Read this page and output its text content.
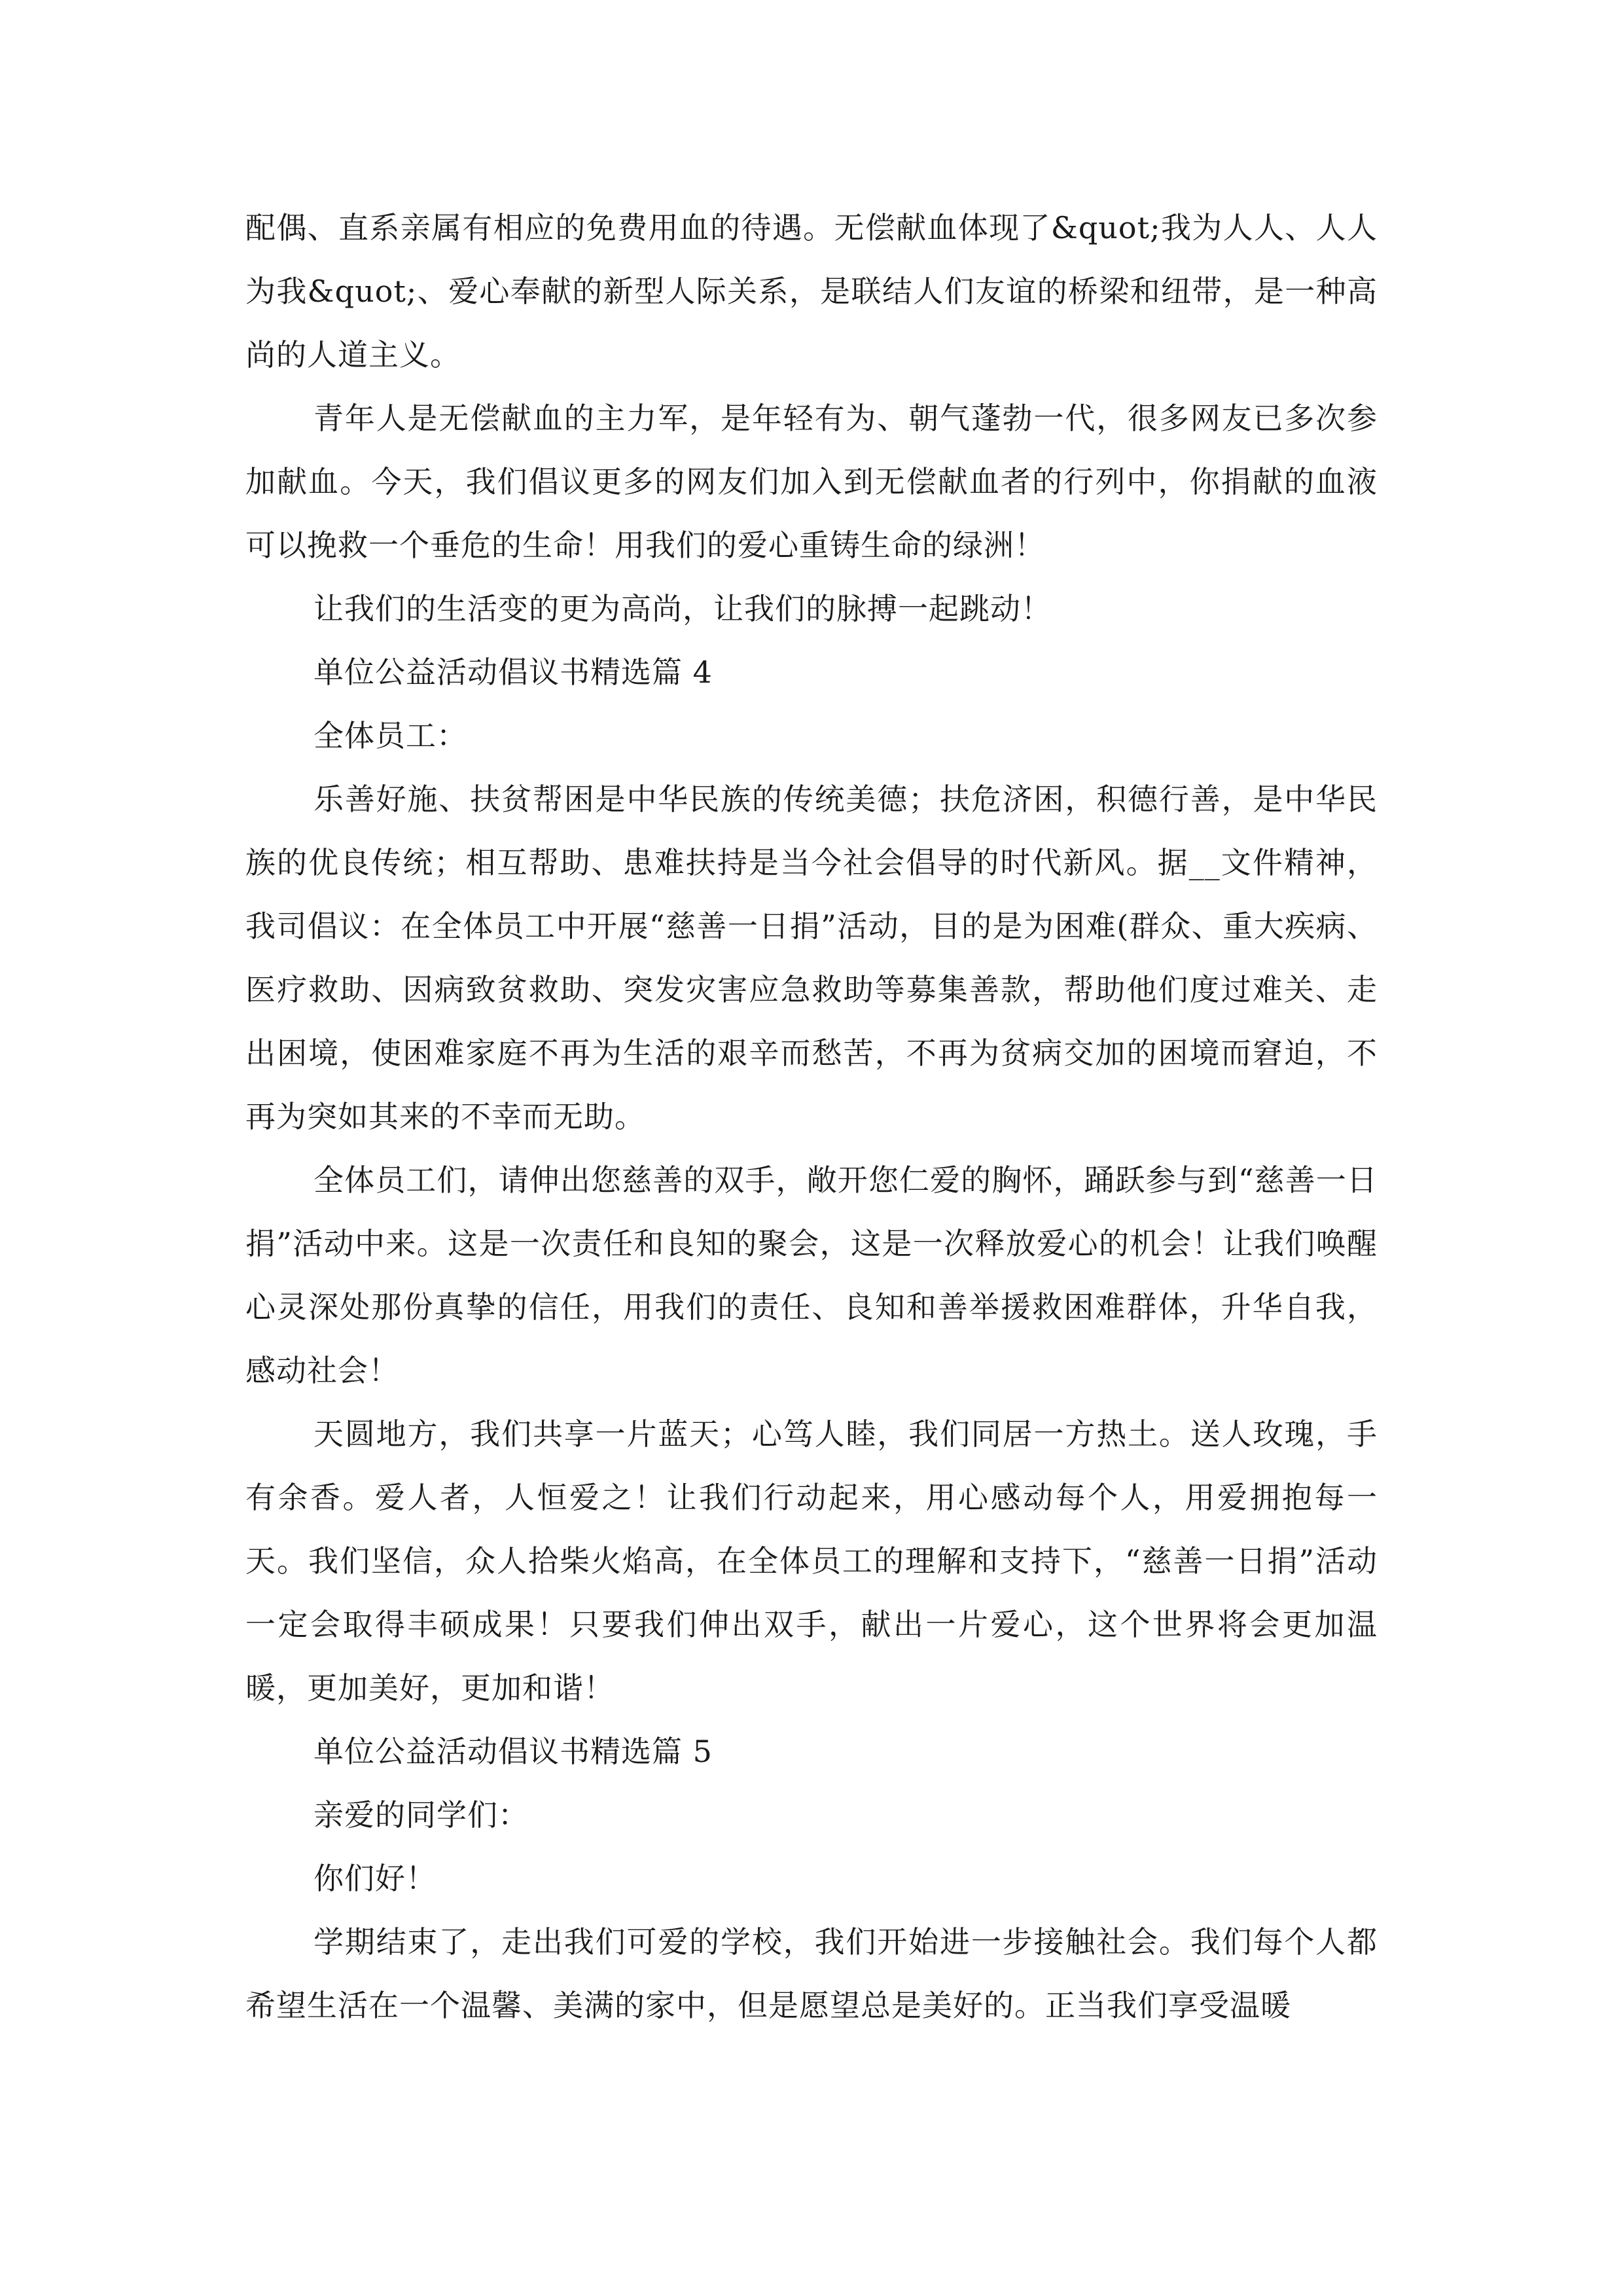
配偶、直系亲属有相应的免费用血的待遇。无偿献血体现了&quot;我为人人、人人为我&quot;、爱心奉献的新型人际关系，是联结人们友谊的桥梁和纽带，是一种高尚的人道主义。

青年人是无偿献血的主力军，是年轻有为、朝气蓬勃一代，很多网友已多次参加献血。今天，我们倡议更多的网友们加入到无偿献血者的行列中，你捐献的血液可以挽救一个垂危的生命！用我们的爱心重铸生命的绿洲！

让我们的生活变的更为高尚，让我们的脉搏一起跳动！

单位公益活动倡议书精选篇 4

全体员工：

乐善好施、扶贫帮困是中华民族的传统美德；扶危济困，积德行善，是中华民族的优良传统；相互帮助、患难扶持是当今社会倡导的时代新风。据__文件精神，我司倡议：在全体员工中开展“慈善一日捐”活动，目的是为困难(群众、重大疾病、医疗救助、因病致贫救助、突发灾害应急救助等募集善款，帮助他们度过难关、走出困境，使困难家庭不再为生活的艰辛而愁苦，不再为贫病交加的困境而窘迫，不再为突如其来的不幸而无助。

全体员工们，请伸出您慈善的双手，敞开您仁爱的胸怀，踊跃参与到“慈善一日捐”活动中来。这是一次责任和良知的聚会，这是一次释放爱心的机会！让我们唤醒心灵深处那份真挚的信任，用我们的责任、良知和善举援救困难群体，升华自我，感动社会！

天圆地方，我们共享一片蓝天；心笃人睦，我们同居一方热土。送人玫瑰，手有余香。爱人者，人恒爱之！让我们行动起来，用心感动每个人，用爱拥抱每一天。我们坚信，众人拾柴火焰高，在全体员工的理解和支持下，“慈善一日捐”活动一定会取得丰硕成果！只要我们伸出双手，献出一片爱心，这个世界将会更加温暖，更加美好，更加和谐！

单位公益活动倡议书精选篇 5

亲爱的同学们：

你们好！

学期结束了，走出我们可爱的学校，我们开始进一步接触社会。我们每个人都希望生活在一个温馨、美满的家中，但是愿望总是美好的。正当我们享受温暖
